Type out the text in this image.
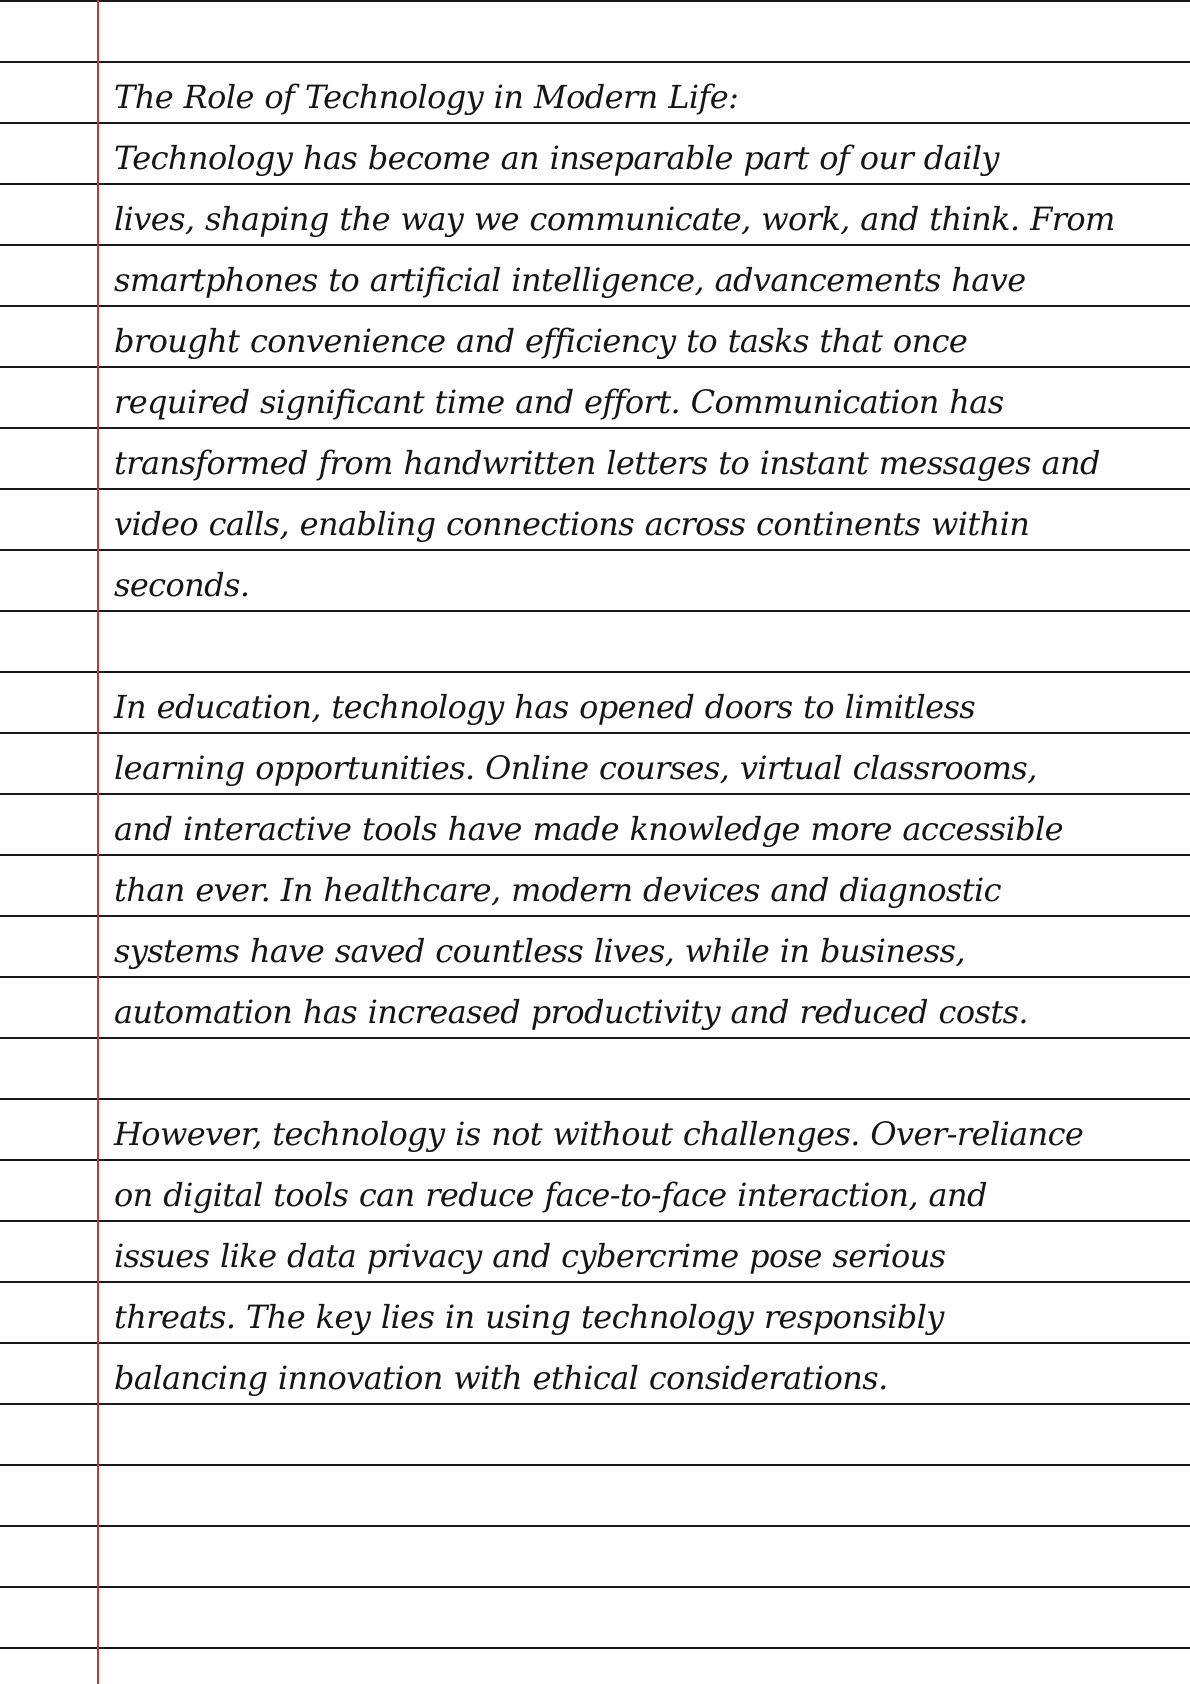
The Role of Technology in Modern Life:

Technology has become an inseparable part of our daily

lives, shaping the way we communicate, work, and think. From

smartphones to artificial intelligence, advancements have

brought convenience and efficiency to tasks that once

required significant time and effort. Communication has

transformed from handwritten letters to instant messages and

video calls, enabling connections across continents within

seconds.

In education, technology has opened doors to limitless

learning opportunities. Online courses, virtual classrooms,

and interactive tools have made knowledge more accessible

than ever. In healthcare, modern devices and diagnostic

systems have saved countless lives, while in business,

automation has increased productivity and reduced costs.

However, technology is not without challenges. Over-reliance

on digital tools can reduce face-to-face interaction, and

issues like data privacy and cybercrime pose serious

threats. The key lies in using technology responsibly

balancing innovation with ethical considerations.
